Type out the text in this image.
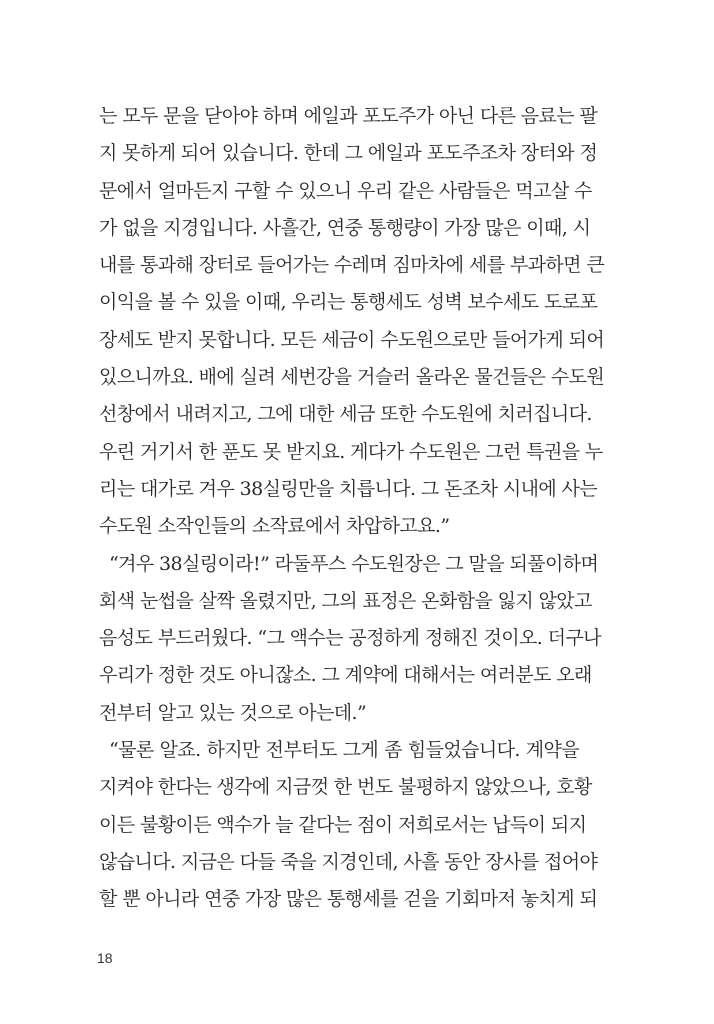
는 모두 문을 닫아야 하며 에일과 포도주가 아닌 다른 음료는 팔
지 못하게 되어 있습니다. 한데 그 에일과 포도주조차 장터와 정
문에서 얼마든지 구할 수 있으니 우리 같은 사람들은 먹고살 수
가 없을 지경입니다. 사흘간, 연중 통행량이 가장 많은 이때, 시
내를 통과해 장터로 들어가는 수레며 짐마차에 세를 부과하면 큰
이익을 볼 수 있을 이때, 우리는 통행세도 성벽 보수세도 도로포
장세도 받지 못합니다. 모든 세금이 수도원으로만 들어가게 되어
있으니까요. 배에 실려 세번강을 거슬러 올라온 물건들은 수도원
선창에서 내려지고, 그에 대한 세금 또한 수도원에 치러집니다.
우린 거기서 한 푼도 못 받지요. 게다가 수도원은 그런 특권을 누
리는 대가로 겨우 38실링만을 치릅니다. 그 돈조차 시내에 사는
수도원 소작인들의 소작료에서 차압하고요.”
“겨우 38실링이라!” 라둘푸스 수도원장은 그 말을 되풀이하며
회색 눈썹을 살짝 올렸지만, 그의 표정은 온화함을 잃지 않았고
음성도 부드러웠다. “그 액수는 공정하게 정해진 것이오. 더구나
우리가 정한 것도 아니잖소. 그 계약에 대해서는 여러분도 오래
전부터 알고 있는 것으로 아는데.”
“물론 알죠. 하지만 전부터도 그게 좀 힘들었습니다. 계약을
지켜야 한다는 생각에 지금껏 한 번도 불평하지 않았으나, 호황
이든 불황이든 액수가 늘 같다는 점이 저희로서는 납득이 되지
않습니다. 지금은 다들 죽을 지경인데, 사흘 동안 장사를 접어야
할 뿐 아니라 연중 가장 많은 통행세를 걷을 기회마저 놓치게 되
18
